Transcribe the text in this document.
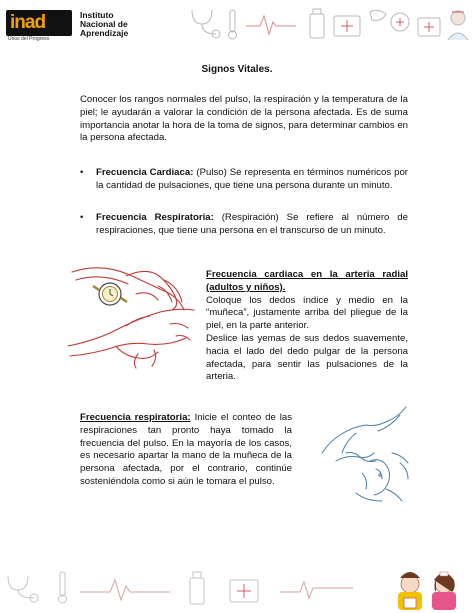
inad
Unos del Progreso
Instituto
Nacional de
Aprendizaje
Signos Vitales.

Conocer los rangos normales del pulso, la respiración y la temperatura de la piel; le ayudarán a valorar la condición de la persona afectada. Es de suma importancia anotar la hora de la toma de signos, para determinar cambios en la persona afectada.

• Frecuencia Cardiaca: (Pulso) Se representa en términos numéricos por la cantidad de pulsaciones, que tiene una persona durante un minuto.
• Frecuencia Respiratoria: (Respiración) Se refiere al número de respiraciones, que tiene una persona en el transcurso de un minuto.
Frecuencia cardiaca en la arteria radial (adultos y niños).
Coloque los dedos índice y medio en la “muñeca”, justamente arriba del pliegue de la piel, en la parte anterior.
Deslice las yemas de sus dedos suavemente, hacia el lado del dedo pulgar de la persona afectada, para sentir las pulsaciones de la arteria.
Frecuencia respiratoria: Inicie el conteo de las respiraciones tan pronto haya tomado la frecuencia del pulso. En la mayoría de los casos, es necesario apartar la mano de la muñeca de la persona afectada, por el contrario, continúe sosteniéndola como si aún le tomara el pulso.
